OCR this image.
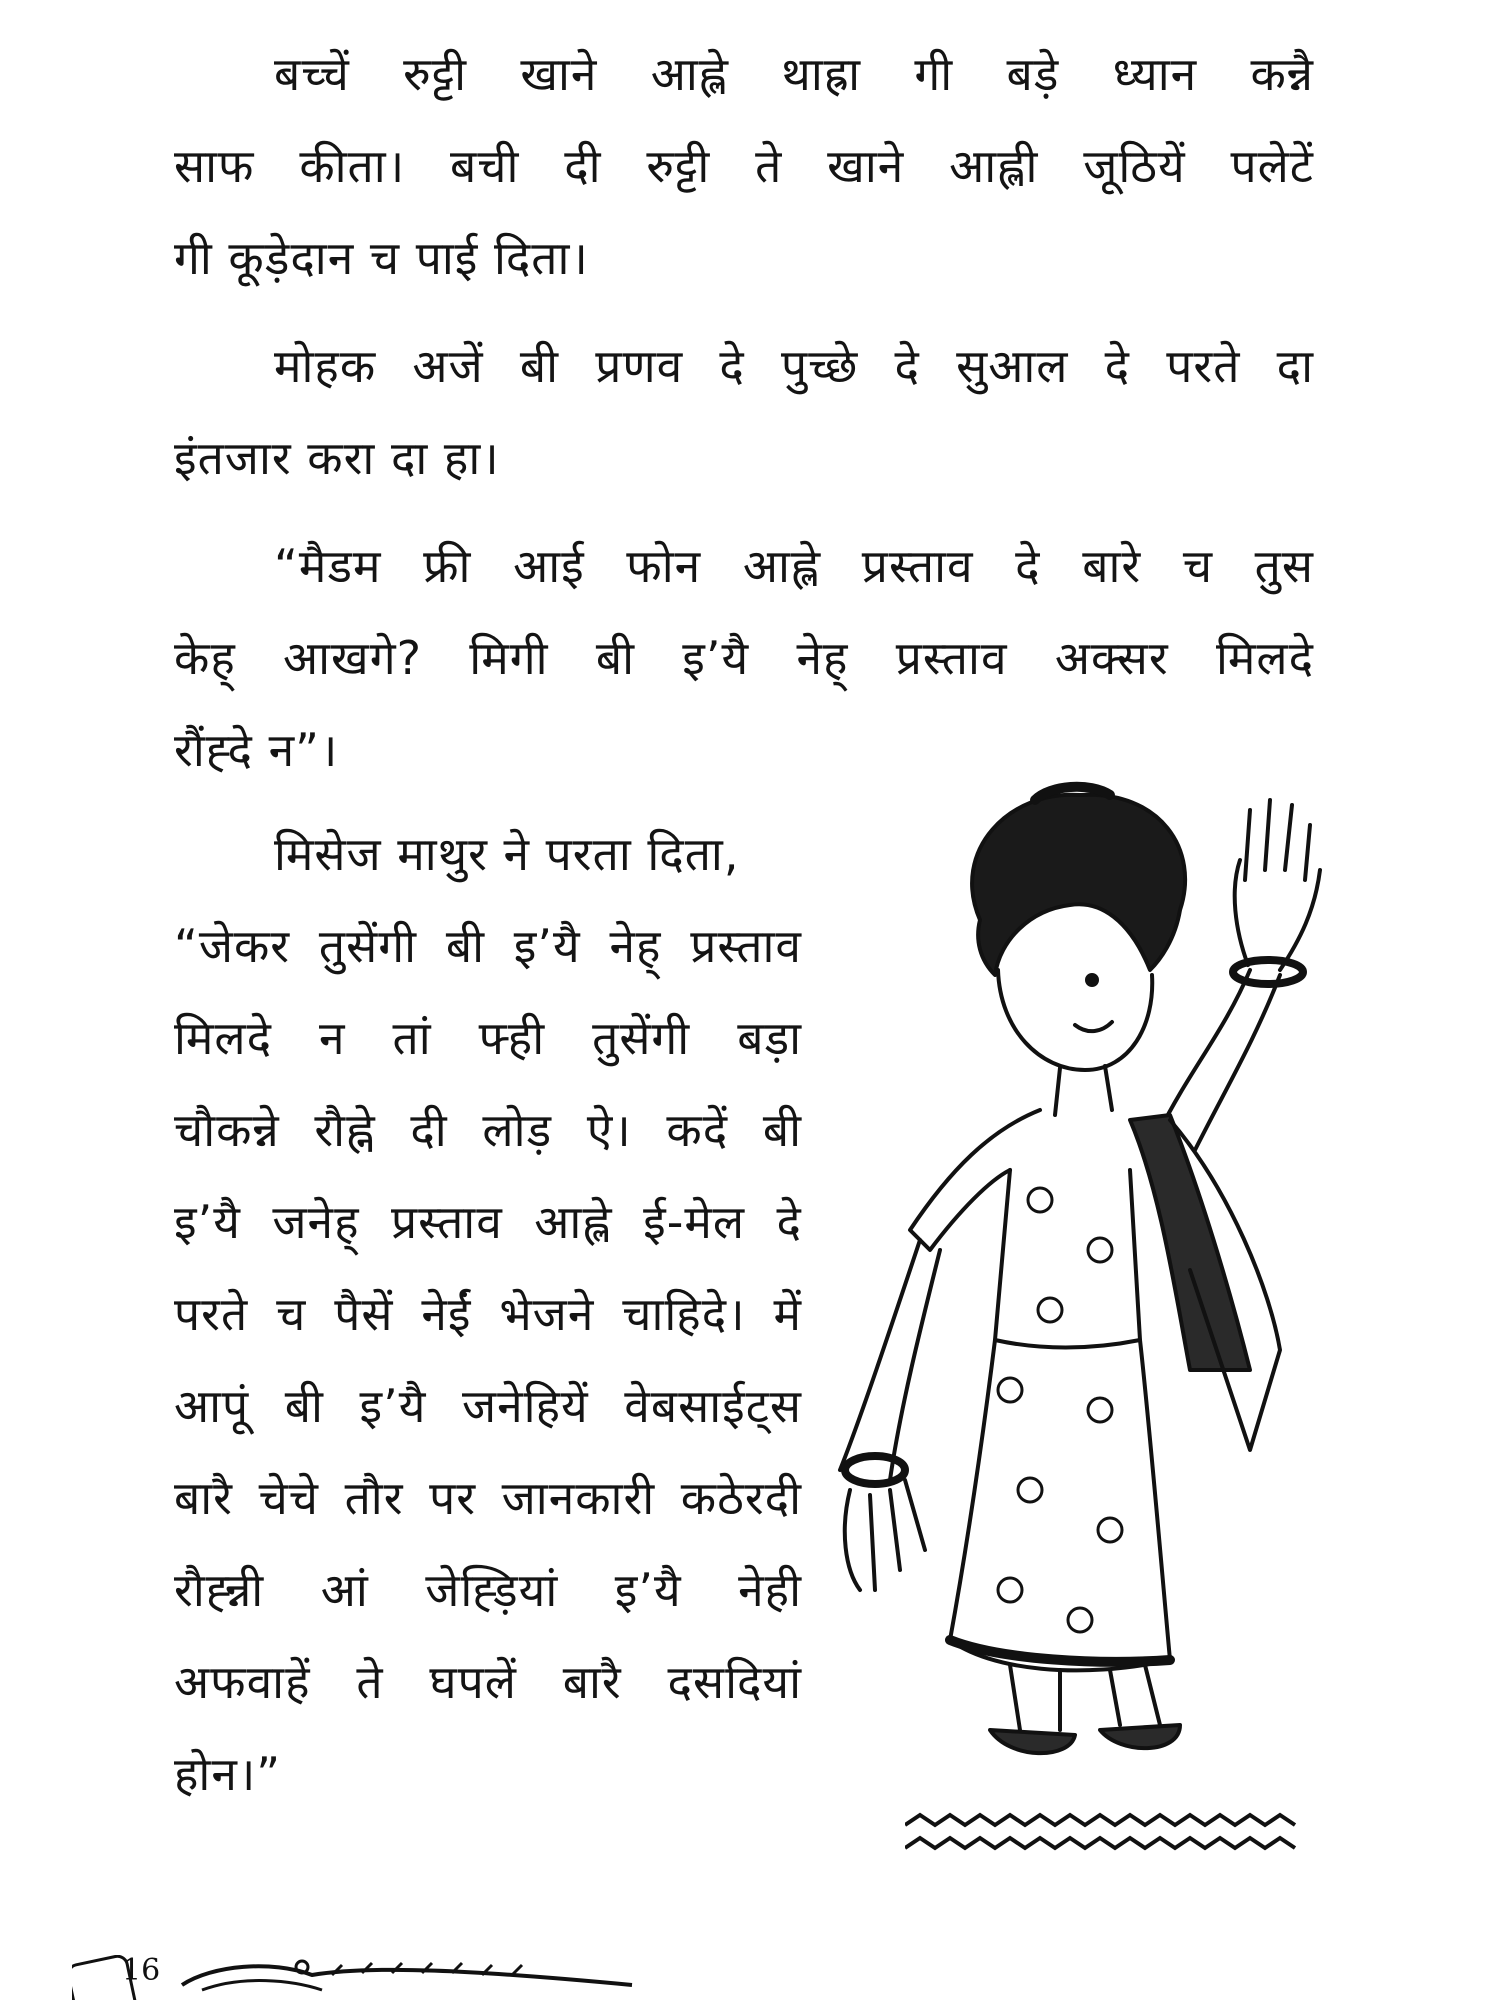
बच्चें रुट्टी खाने आह्ले थाह्रा गी बड़े ध्यान कन्नै
साफ कीता। बची दी रुट्टी ते खाने आह्ली जूठियें पलेटें
गी कूड़ेदान च पाई दिता।

मोहक अजें बी प्रणव दे पुच्छे दे सुआल दे परते दा
इंतजार करा दा हा।

“मैडम फ्री आई फोन आह्ले प्रस्ताव दे बारे च तुस
केह् आखगे? मिगी बी इ’यै नेह् प्रस्ताव अक्सर मिलदे
रौंह्दे न”।

मिसेज माथुर ने परता दिता,
“जेकर तुसेंगी बी इ’यै नेह् प्रस्ताव
मिलदे न तां फ्ही तुसेंगी बड़ा
चौकन्ने रौह्ने दी लोड़ ऐ। कदें बी
इ’यै जनेह् प्रस्ताव आह्ले ई-मेल दे
परते च पैसें नेईं भेजने चाहिदे। में
आपूं बी इ’यै जनेहियें वेबसाईट्स
बारै चेचे तौर पर जानकारी कठेरदी
रौह्न्नी आं जेह्ड़ियां इ’यै नेही
अफवाहें ते घपलें बारै दसदियां
होन।”

16
